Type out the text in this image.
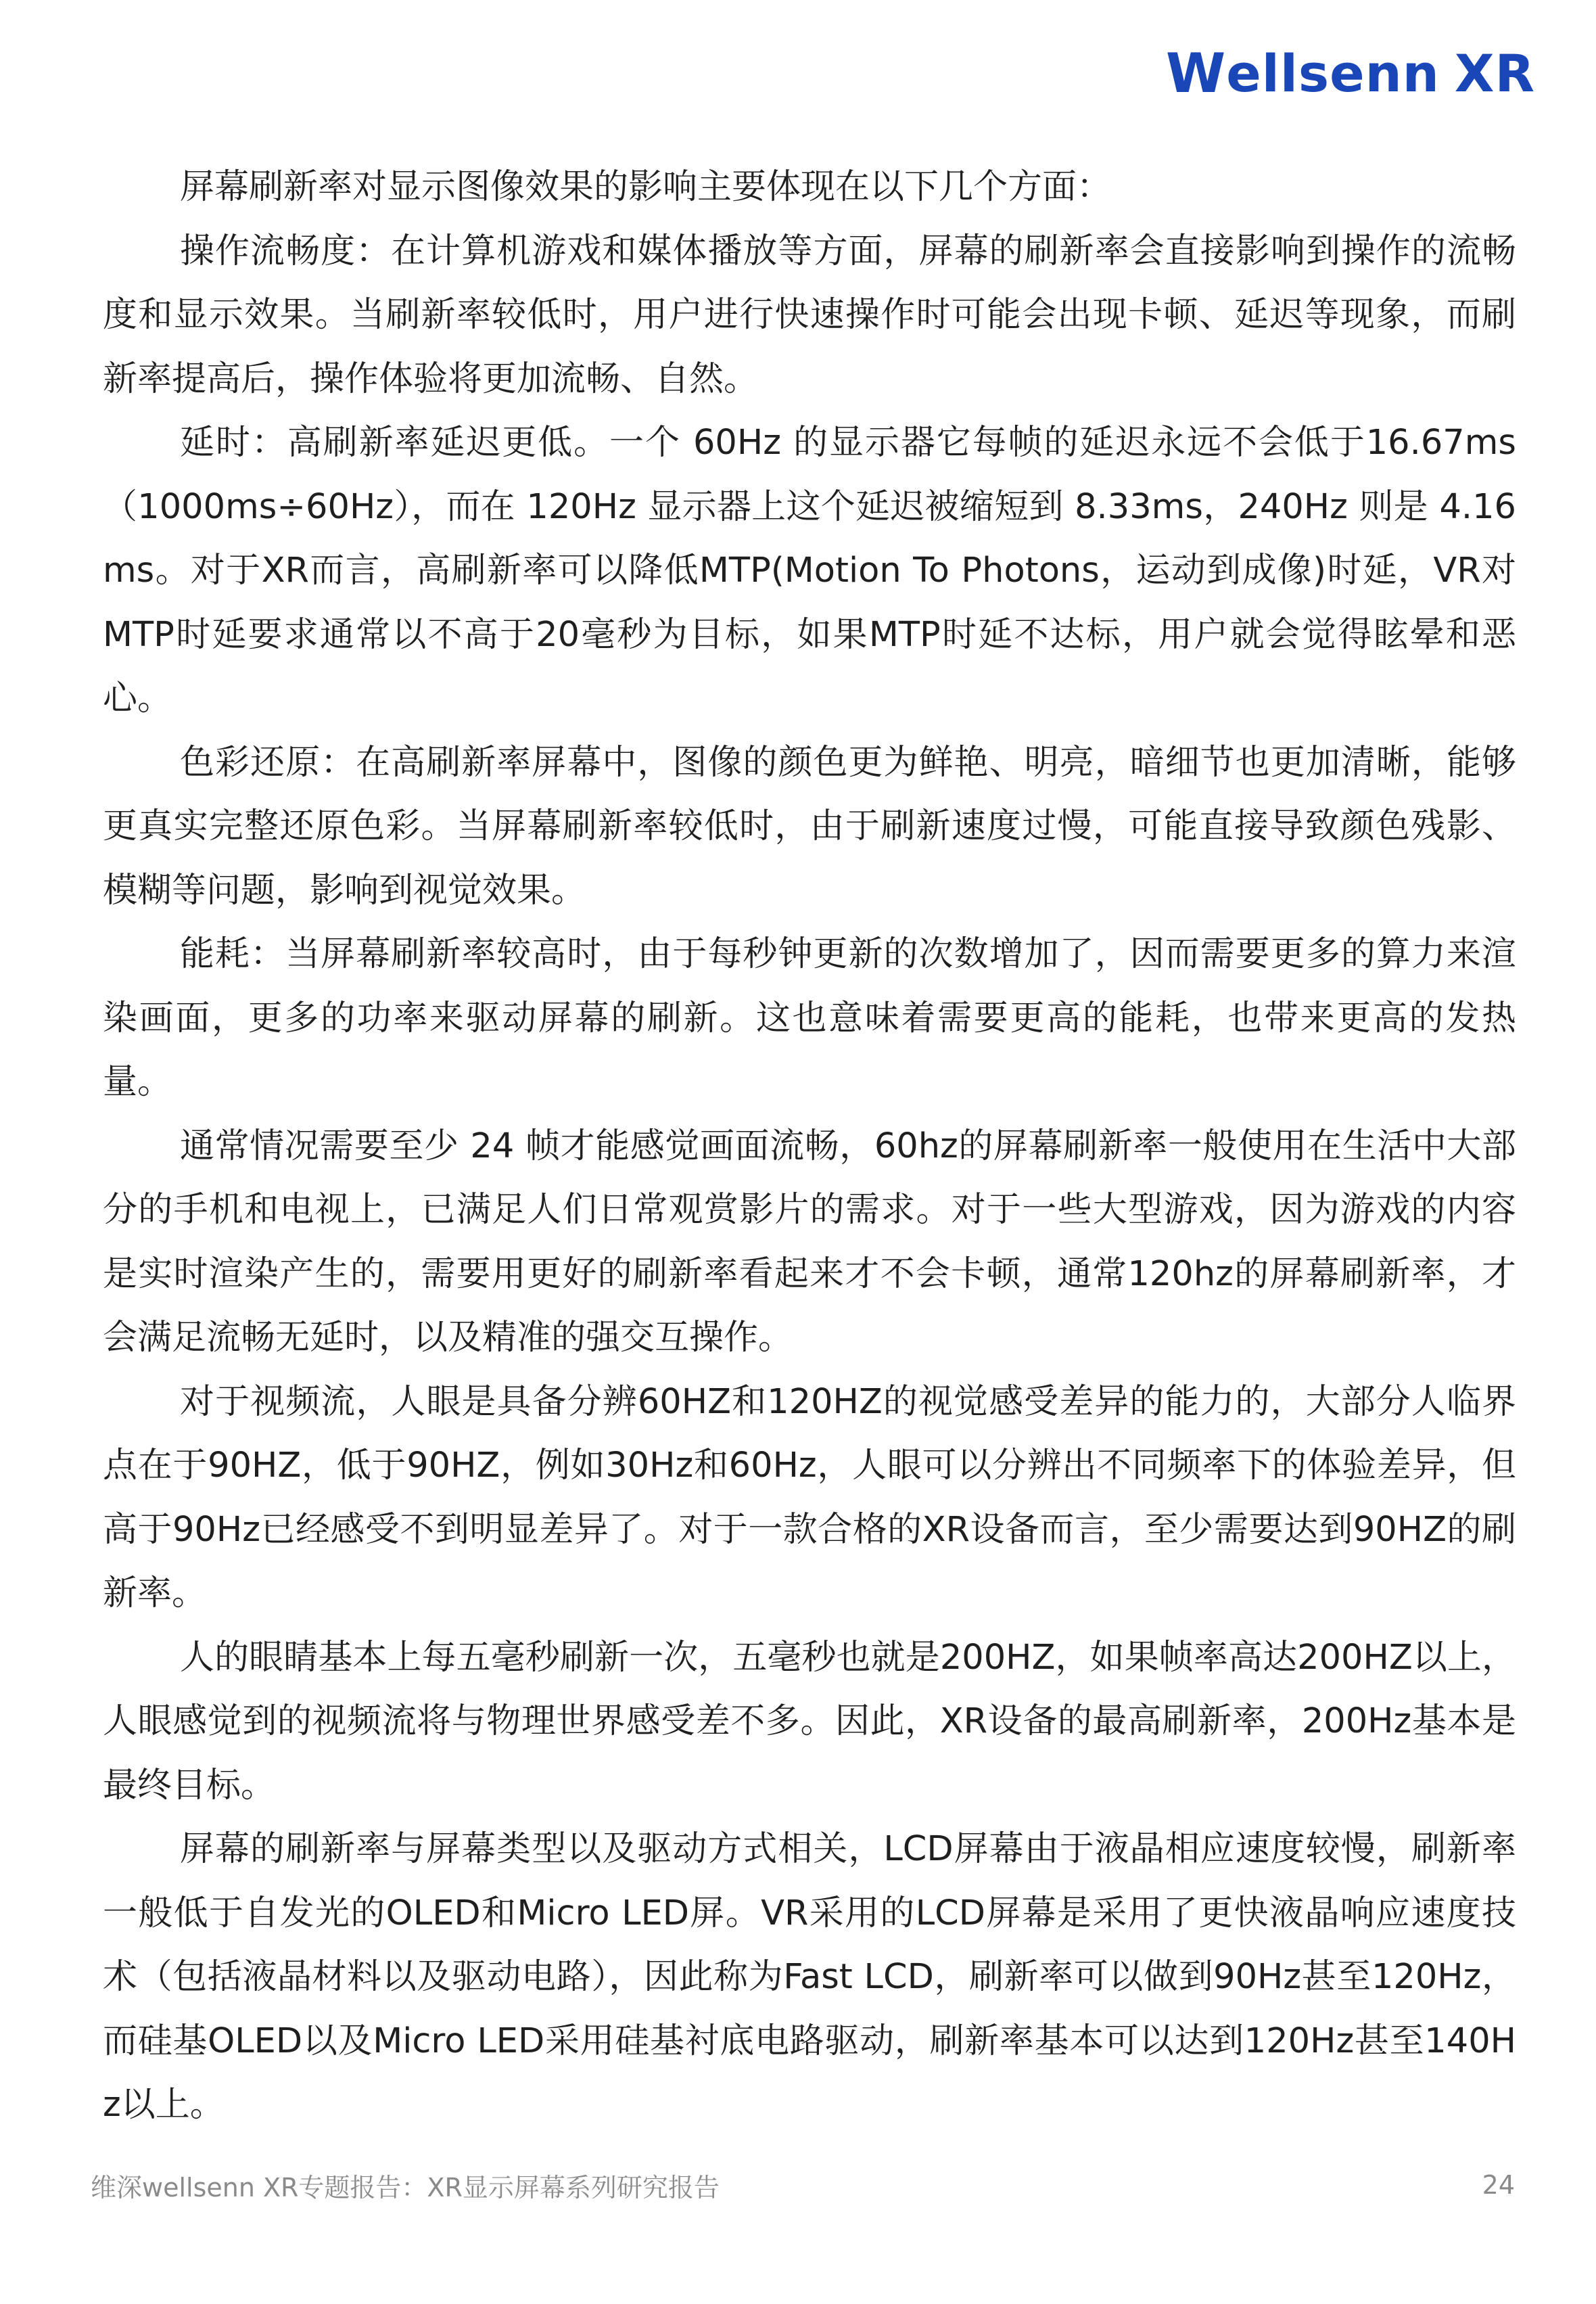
W ellsenn XR

屏幕刷新率对显示图像效果的影响主要体现在以下几个方面：

操作流畅度：在计算机游戏和媒体播放等方面，屏幕的刷新率会直接影响到操作的流畅度和显示效果。当刷新率较低时，用户进行快速操作时可能会出现卡顿、延迟等现象，而刷新率提高后，操作体验将更加流畅、自然。

延时：高刷新率延迟更低。一个 60Hz 的显示器它每帧的延迟永远不会低于16.67ms（1000ms÷60Hz），而在 120Hz 显示器上这个延迟被缩短到 8.33ms，240Hz 则是 4.16ms。对于XR而言，高刷新率可以降低MTP(Motion To Photons，运动到成像)时延，VR对MTP时延要求通常以不高于20毫秒为目标，如果MTP时延不达标，用户就会觉得眩晕和恶心。

色彩还原：在高刷新率屏幕中，图像的颜色更为鲜艳、明亮，暗细节也更加清晰，能够更真实完整还原色彩。当屏幕刷新率较低时，由于刷新速度过慢，可能直接导致颜色残影、模糊等问题，影响到视觉效果。

能耗：当屏幕刷新率较高时，由于每秒钟更新的次数增加了，因而需要更多的算力来渲染画面，更多的功率来驱动屏幕的刷新。这也意味着需要更高的能耗，也带来更高的发热量。

通常情况需要至少 24 帧才能感觉画面流畅，60hz的屏幕刷新率一般使用在生活中大部分的手机和电视上，已满足人们日常观赏影片的需求。对于一些大型游戏，因为游戏的内容是实时渲染产生的，需要用更好的刷新率看起来才不会卡顿，通常120hz的屏幕刷新率，才会满足流畅无延时，以及精准的强交互操作。

对于视频流，人眼是具备分辨60HZ和120HZ的视觉感受差异的能力的，大部分人临界点在于90HZ，低于90HZ，例如30Hz和60Hz，人眼可以分辨出不同频率下的体验差异，但高于90Hz已经感受不到明显差异了。对于一款合格的XR设备而言，至少需要达到90HZ的刷新率。

人的眼睛基本上每五毫秒刷新一次，五毫秒也就是200HZ，如果帧率高达200HZ以上，人眼感觉到的视频流将与物理世界感受差不多。因此，XR设备的最高刷新率，200Hz基本是最终目标。

屏幕的刷新率与屏幕类型以及驱动方式相关，LCD屏幕由于液晶相应速度较慢，刷新率一般低于自发光的OLED和Micro LED屏。VR采用的LCD屏幕是采用了更快液晶响应速度技术（包括液晶材料以及驱动电路），因此称为Fast LCD，刷新率可以做到90Hz甚至120Hz，而硅基OLED以及Micro LED采用硅基衬底电路驱动，刷新率基本可以达到120Hz甚至140Hz以上。

维深wellsenn XR专题报告：XR显示屏幕系列研究报告	24
